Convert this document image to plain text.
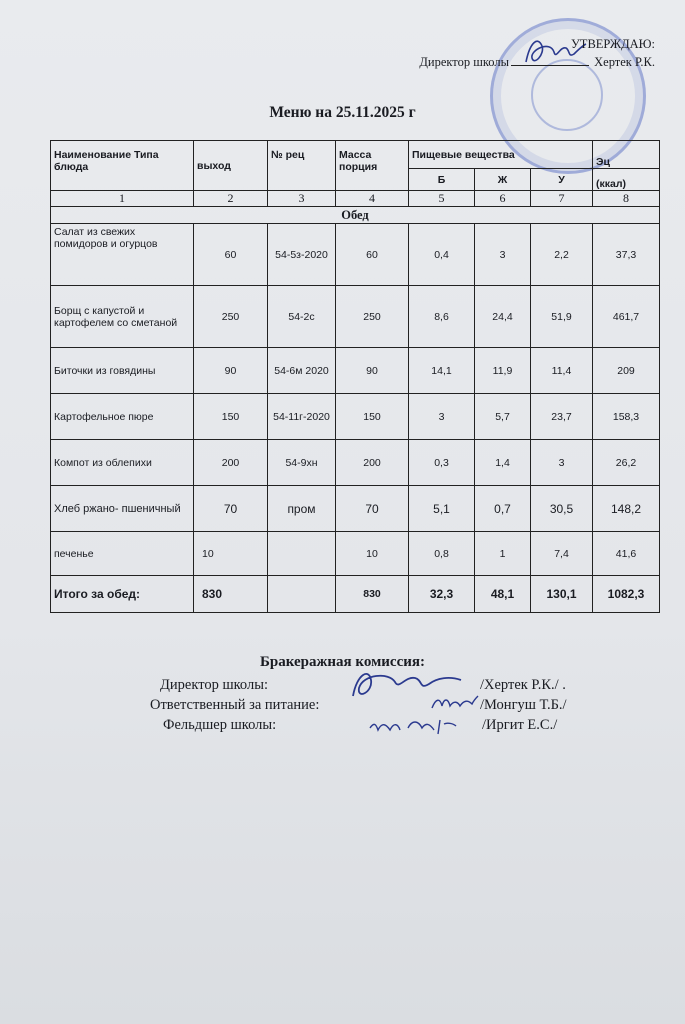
УТВЕРЖДАЮ:
Директор школы	Хертек Р.К.
Меню на 25.11.2025 г
Наименование Типа блюда	выход	№ рец	Масса порция	Пищевые вещества			Эц
				Б	Ж	У	(ккал)
1	2	3	4	5	6	7	8
Обед							
Салат из свежих помидоров и огурцов	60	54-5з-2020	60	0,4	3	2,2	37,3
Борщ с капустой и картофелем со сметаной	250	54-2с	250	8,6	24,4	51,9	461,7
Биточки из говядины	90	54-6м 2020	90	14,1	11,9	11,4	209
Картофельное пюре	150	54-11г-2020	150	3	5,7	23,7	158,3
Компот из облепихи	200	54-9хн	200	0,3	1,4	3	26,2
Хлеб ржано- пшеничный	70	пром	70	5,1	0,7	30,5	148,2
печенье	10		10	0,8	1	7,4	41,6
Итого за обед:	830		830	32,3	48,1	130,1	1082,3
Бракеражная комиссия:
Директор школы:	/Хертек Р.К./ .
Ответственный за питание:	/Монгуш Т.Б./
Фельдшер школы:	/Иргит Е.С./
